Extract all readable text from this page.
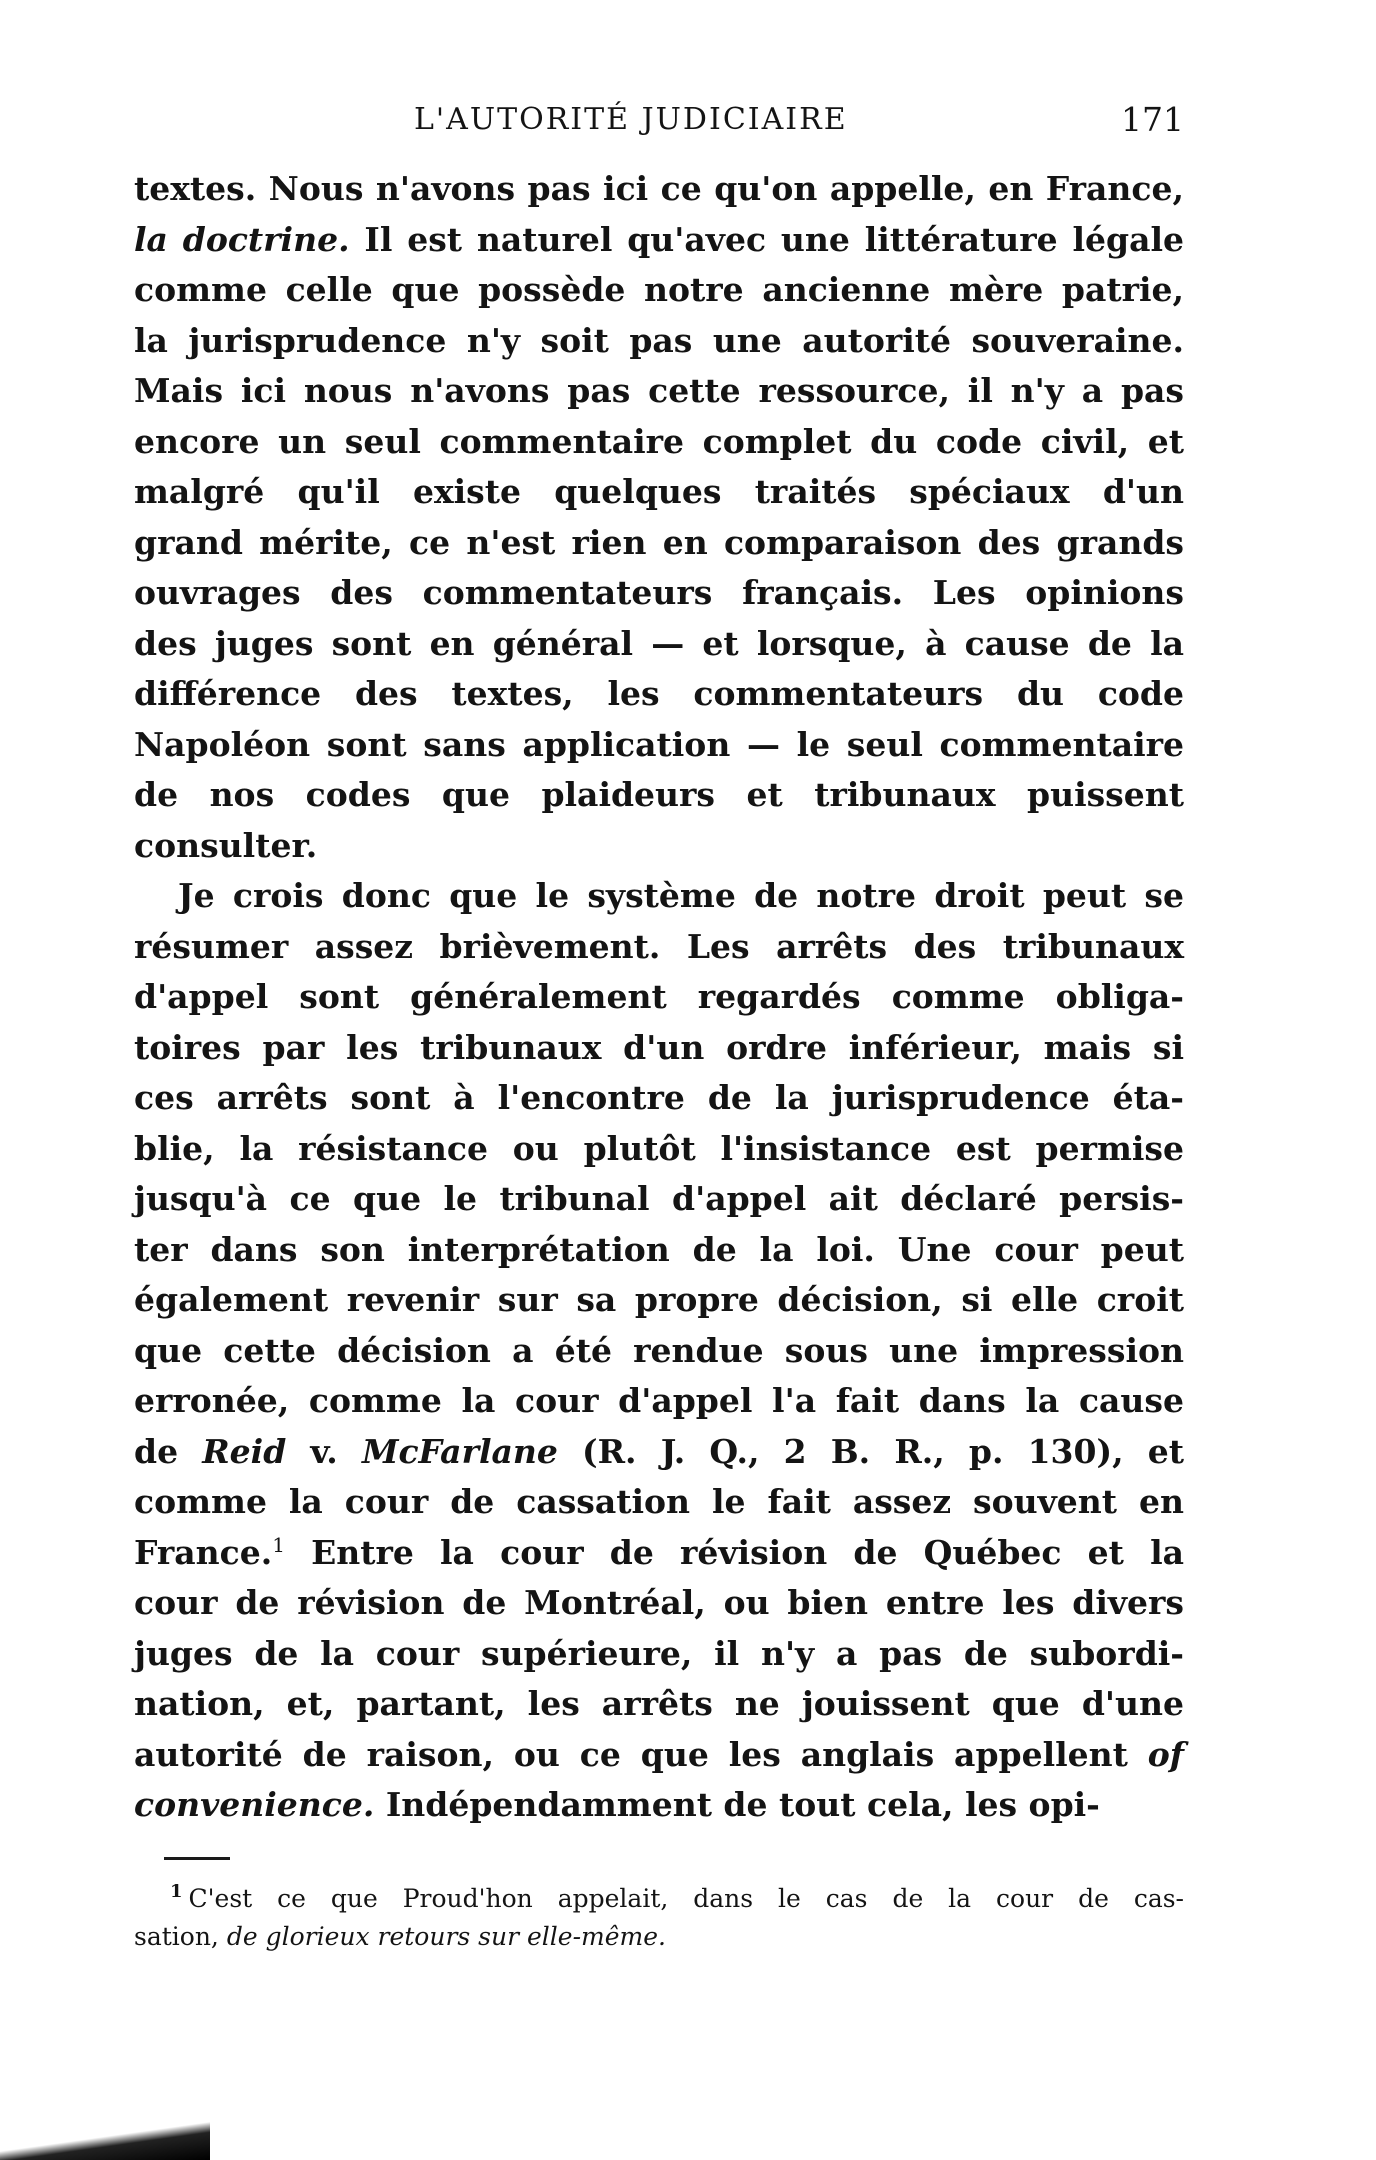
L'AUTORITÉ JUDICIAIRE	171

textes. Nous n'avons pas ici ce qu'on appelle, en France,
la doctrine. Il est naturel qu'avec une littérature légale
comme celle que possède notre ancienne mère patrie,
la jurisprudence n'y soit pas une autorité souveraine.
Mais ici nous n'avons pas cette ressource, il n'y a pas
encore un seul commentaire complet du code civil, et
malgré qu'il existe quelques traités spéciaux d'un
grand mérite, ce n'est rien en comparaison des grands
ouvrages des commentateurs français. Les opinions
des juges sont en général — et lorsque, à cause de la
différence des textes, les commentateurs du code
Napoléon sont sans application — le seul commentaire
de nos codes que plaideurs et tribunaux puissent
consulter.

Je crois donc que le système de notre droit peut se
résumer assez brièvement. Les arrêts des tribunaux
d'appel sont généralement regardés comme obliga-
toires par les tribunaux d'un ordre inférieur, mais si
ces arrêts sont à l'encontre de la jurisprudence éta-
blie, la résistance ou plutôt l'insistance est permise
jusqu'à ce que le tribunal d'appel ait déclaré persis-
ter dans son interprétation de la loi. Une cour peut
également revenir sur sa propre décision, si elle croit
que cette décision a été rendue sous une impression
erronée, comme la cour d'appel l'a fait dans la cause
de Reid v. McFarlane (R. J. Q., 2 B. R., p. 130), et
comme la cour de cassation le fait assez souvent en
France.$^1$ Entre la cour de révision de Québec et la
cour de révision de Montréal, ou bien entre les divers
juges de la cour supérieure, il n'y a pas de subordi-
nation, et, partant, les arrêts ne jouissent que d'une
autorité de raison, ou ce que les anglais appellent of
convenience. Indépendamment de tout cela, les opi-

$^1$ C'est ce que Proud'hon appelait, dans le cas de la cour de cas-
sation, de glorieux retours sur elle-même.
